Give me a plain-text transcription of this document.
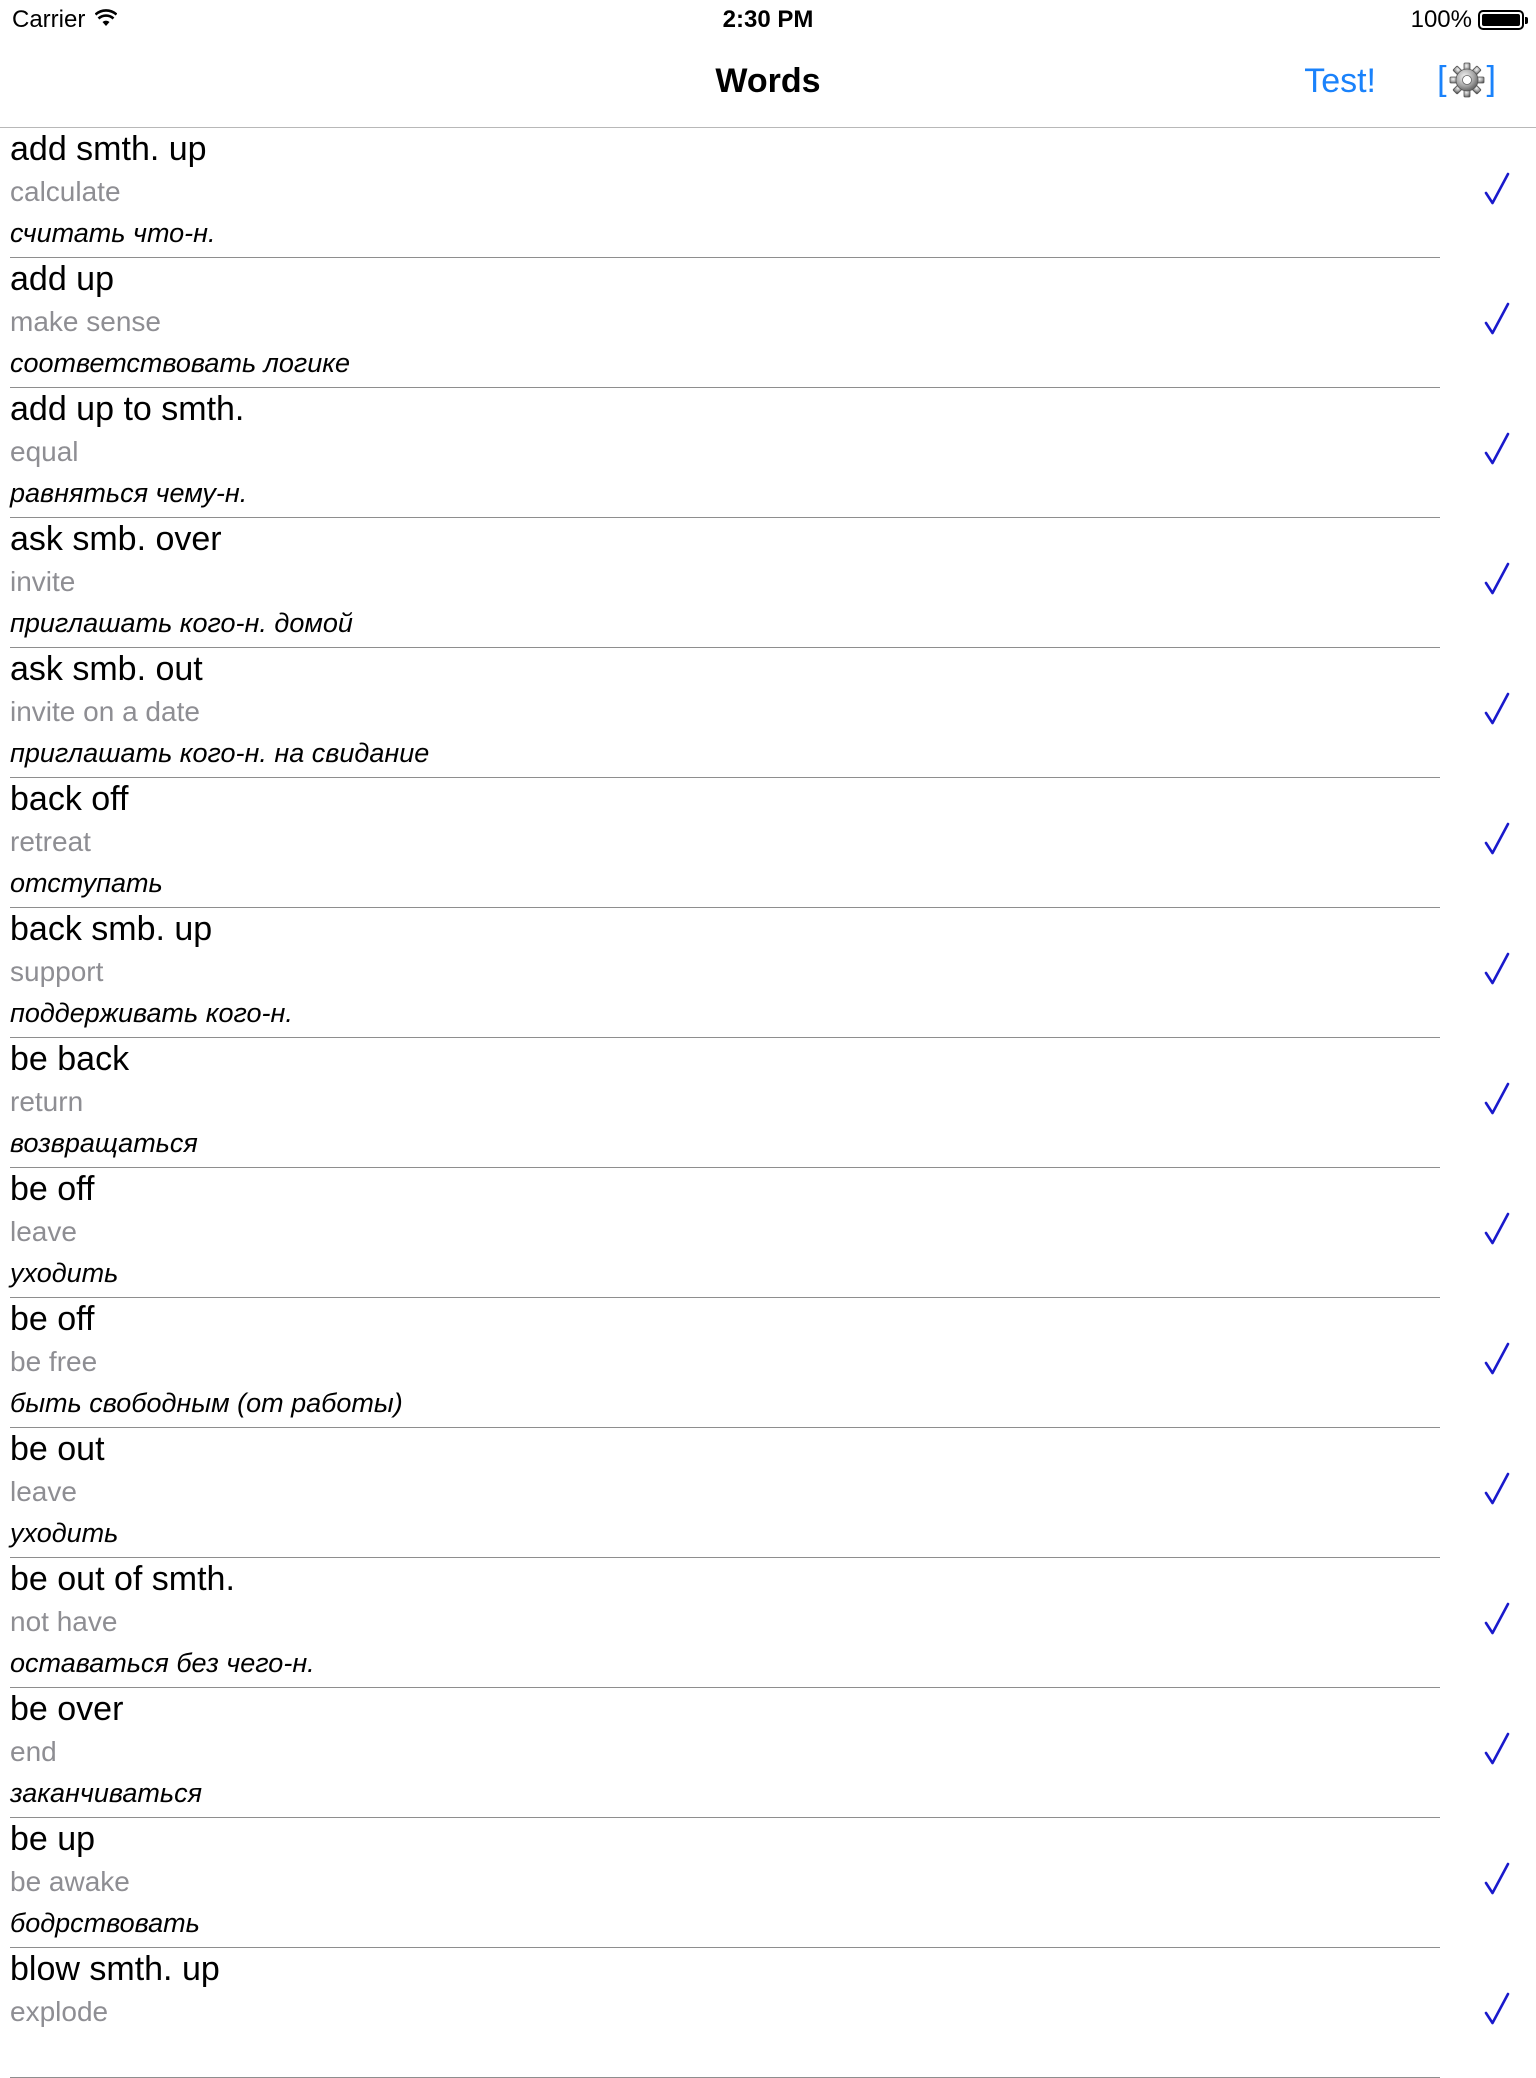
Carrier	2:30 PM	100%
Words	Test! [ ]
add smth. up
calculate
считать что-н.
add up
make sense
соответствовать логике
add up to smth.
equal
равняться чему-н.
ask smb. over
invite
приглашать кого-н. домой
ask smb. out
invite on a date
приглашать кого-н. на свидание
back off
retreat
отступать
back smb. up
support
поддерживать кого-н.
be back
return
возвращаться
be off
leave
уходить
be off
be free
быть свободным (от работы)
be out
leave
уходить
be out of smth.
not have
оставаться без чего-н.
be over
end
заканчиваться
be up
be awake
бодрствовать
blow smth. up
explode
